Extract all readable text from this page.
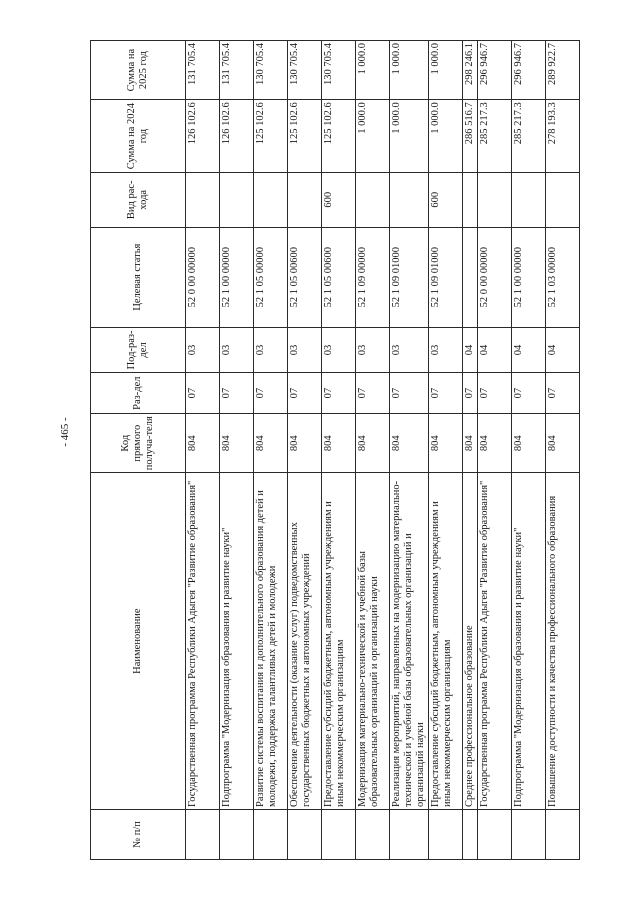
- 465 -
№ п/п	Наименование	Код прямого получа-теля	Раз-дел	Под-раз-дел	Целевая статья	Вид рас-хода	Сумма на 2024 год	Сумма на 2025 год
	Государственная программа Республики Адыгея "Развитие образования"	804	07	03	52 0 00 00000		126 102.6	131 705.4
	Подпрограмма "Модернизация образования и развитие науки"	804	07	03	52 1 00 00000		126 102.6	131 705.4
	Развитие системы воспитания и дополнительного образования детей и молодежи, поддержка талантливых детей и молодежи	804	07	03	52 1 05 00000		125 102.6	130 705.4
	Обеспечение деятельности (оказание услуг) подведомственных государственных бюджетных и автономных учреждений	804	07	03	52 1 05 00600		125 102.6	130 705.4
	Предоставление субсидий бюджетным, автономным учреждениям и иным некоммерческим организациям	804	07	03	52 1 05 00600	600	125 102.6	130 705.4
	Модернизация материально-технической и учебной базы образовательных организаций и организаций науки	804	07	03	52 1 09 00000		1 000.0	1 000.0
	Реализация мероприятий, направленных на модернизацию материально-технической и учебной базы образовательных организаций и организаций науки	804	07	03	52 1 09 01000		1 000.0	1 000.0
	Предоставление субсидий бюджетным, автономным учреждениям и иным некоммерческим организациям	804	07	03	52 1 09 01000	600	1 000.0	1 000.0
	Среднее профессиональное образование	804	07	04			286 516.7	298 246.1
	Государственная программа Республики Адыгея "Развитие образования"	804	07	04	52 0 00 00000		285 217.3	296 946.7
	Подпрограмма "Модернизация образования и развитие науки"	804	07	04	52 1 00 00000		285 217.3	296 946.7
	Повышение доступности и качества профессионального образования	804	07	04	52 1 03 00000		278 193.3	289 922.7
